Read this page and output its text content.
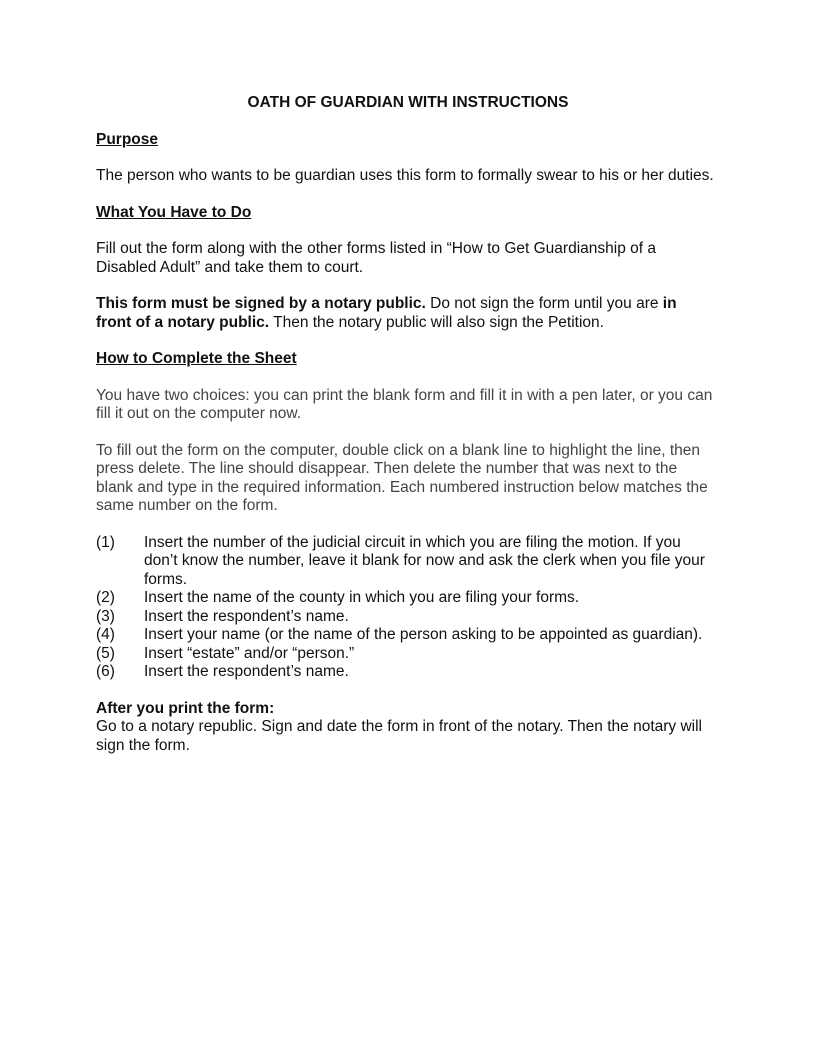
OATH OF GUARDIAN WITH INSTRUCTIONS
Purpose

The person who wants to be guardian uses this form to formally swear to his or her duties.

What You Have to Do

Fill out the form along with the other forms listed in “How to Get Guardianship of a Disabled Adult” and take them to court.

This form must be signed by a notary public. Do not sign the form until you are in front of a notary public. Then the notary public will also sign the Petition.

How to Complete the Sheet

You have two choices: you can print the blank form and fill it in with a pen later, or you can fill it out on the computer now.

To fill out the form on the computer, double click on a blank line to highlight the line, then press delete. The line should disappear. Then delete the number that was next to the blank and type in the required information. Each numbered instruction below matches the same number on the form.

(1)	Insert the number of the judicial circuit in which you are filing the motion. If you don’t know the number, leave it blank for now and ask the clerk when you file your forms.
(2)	Insert the name of the county in which you are filing your forms.
(3)	Insert the respondent’s name.
(4)	Insert your name (or the name of the person asking to be appointed as guardian).
(5)	Insert “estate” and/or “person.”
(6)	Insert the respondent’s name.
After you print the form:

Go to a notary republic. Sign and date the form in front of the notary. Then the notary will sign the form.
